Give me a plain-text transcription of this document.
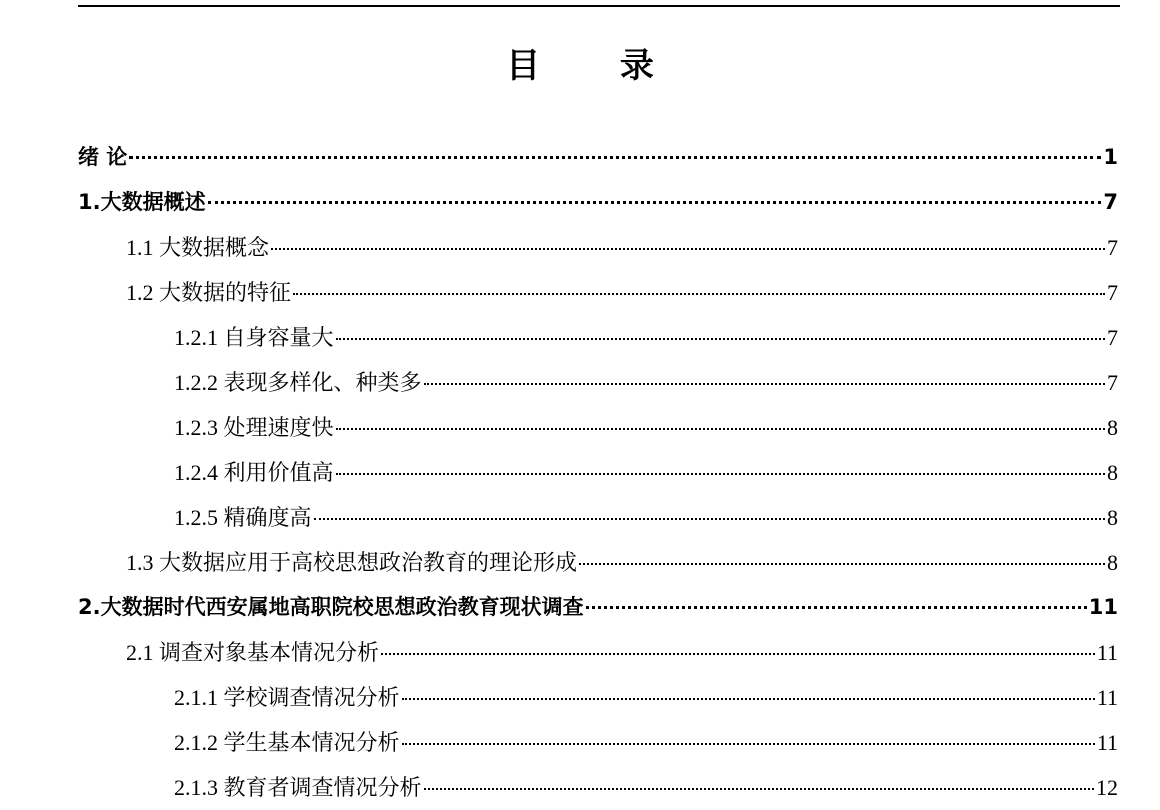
目 录
绪 论	1
1.大数据概述	7
1.1 大数据概念	7
1.2 大数据的特征	7
1.2.1 自身容量大	7
1.2.2 表现多样化、种类多	7
1.2.3 处理速度快	8
1.2.4 利用价值高	8
1.2.5 精确度高	8
1.3 大数据应用于高校思想政治教育的理论形成	8
2.大数据时代西安属地高职院校思想政治教育现状调查	11
2.1 调查对象基本情况分析	11
2.1.1 学校调查情况分析	11
2.1.2 学生基本情况分析	11
2.1.3 教育者调查情况分析	12
